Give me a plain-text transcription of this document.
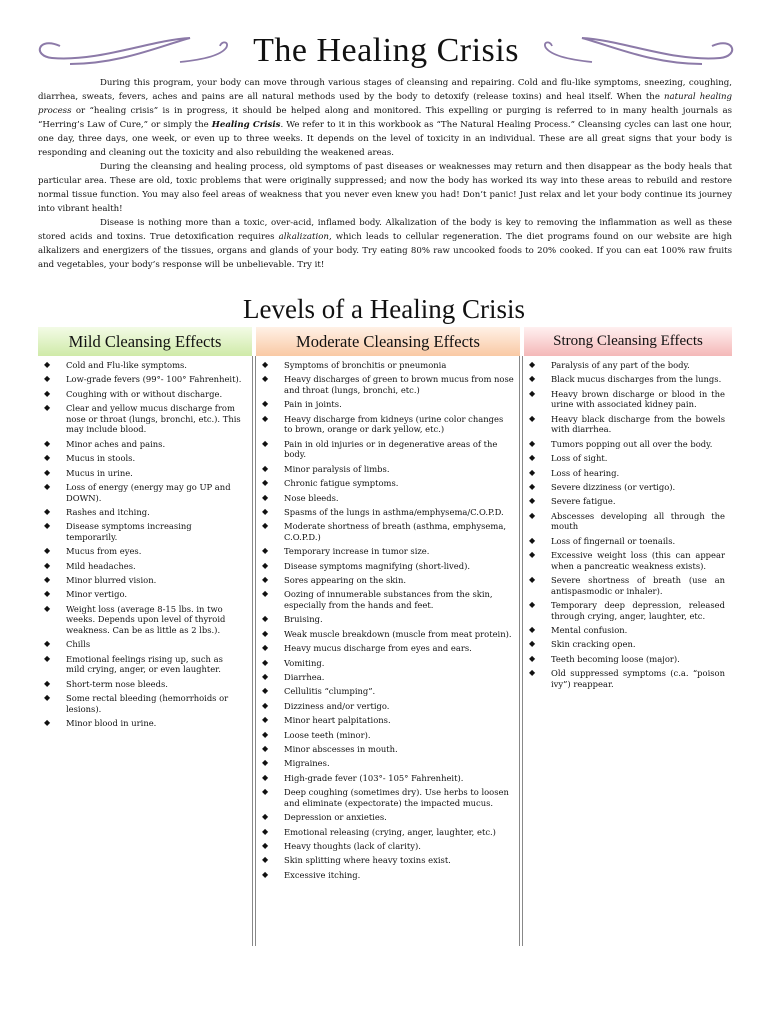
The Healing Crisis

During this program, your body can move through various stages of cleansing and repairing. Cold and flu-like symptoms, sneezing, coughing, diarrhea, sweats, fevers, aches and pains are all natural methods used by the body to detoxify (release toxins) and heal itself. When the natural healing process or “healing crisis” is in progress, it should be helped along and monitored. This expelling or purging is referred to in many health journals as “Herring’s Law of Cure,” or simply the Healing Crisis. We refer to it in this workbook as “The Natural Healing Process.” Cleansing cycles can last one hour, one day, three days, one week, or even up to three weeks. It depends on the level of toxicity in an individual. These are all great signs that your body is responding and cleaning out the toxicity and also rebuilding the weakened areas.

During the cleansing and healing process, old symptoms of past diseases or weaknesses may return and then disappear as the body heals that particular area. These are old, toxic problems that were originally suppressed; and now the body has worked its way into these areas to rebuild and restore normal tissue function. You may also feel areas of weakness that you never even knew you had! Don’t panic! Just relax and let your body continue its journey into vibrant health!

Disease is nothing more than a toxic, over-acid, inflamed body. Alkalization of the body is key to removing the inflammation as well as these stored acids and toxins. True detoxification requires alkalization, which leads to cellular regeneration. The diet programs found on our website are high alkalizers and energizers of the tissues, organs and glands of your body. Try eating 80% raw uncooked foods to 20% cooked. If you can eat 100% raw fruits and vegetables, your body’s response will be unbelievable. Try it!

Levels of a Healing Crisis
Mild Cleansing Effects	Moderate Cleansing Effects	Strong Cleansing Effects
◆ Cold and Flu-like symptoms.
◆ Low-grade fevers (99°- 100° Fahrenheit).
◆ Coughing with or without discharge.
◆ Clear and yellow mucus discharge from nose or throat (lungs, bronchi, etc.). This may include blood.
◆ Minor aches and pains.
◆ Mucus in stools.
◆ Mucus in urine.
◆ Loss of energy (energy may go UP and DOWN).
◆ Rashes and itching.
◆ Disease symptoms increasing temporarily.
◆ Mucus from eyes.
◆ Mild headaches.
◆ Minor blurred vision.
◆ Minor vertigo.
◆ Weight loss (average 8-15 lbs. in two weeks. Depends upon level of thyroid weakness. Can be as little as 2 lbs.).
◆ Chills
◆ Emotional feelings rising up, such as mild crying, anger, or even laughter.
◆ Short-term nose bleeds.
◆ Some rectal bleeding (hemorrhoids or lesions).
◆ Minor blood in urine.
◆ Symptoms of bronchitis or pneumonia
◆ Heavy discharges of green to brown mucus from nose and throat (lungs, bronchi, etc.)
◆ Pain in joints.
◆ Heavy discharge from kidneys (urine color changes to brown, orange or dark yellow, etc.)
◆ Pain in old injuries or in degenerative areas of the body.
◆ Minor paralysis of limbs.
◆ Chronic fatigue symptoms.
◆ Nose bleeds.
◆ Spasms of the lungs in asthma/emphysema/C.O.P.D.
◆ Moderate shortness of breath (asthma, emphysema, C.O.P.D.)
◆ Temporary increase in tumor size.
◆ Disease symptoms magnifying (short-lived).
◆ Sores appearing on the skin.
◆ Oozing of innumerable substances from the skin, especially from the hands and feet.
◆ Bruising.
◆ Weak muscle breakdown (muscle from meat protein).
◆ Heavy mucus discharge from eyes and ears.
◆ Vomiting.
◆ Diarrhea.
◆ Cellulitis “clumping”.
◆ Dizziness and/or vertigo.
◆ Minor heart palpitations.
◆ Loose teeth (minor).
◆ Minor abscesses in mouth.
◆ Migraines.
◆ High-grade fever (103°- 105° Fahrenheit).
◆ Deep coughing (sometimes dry). Use herbs to loosen and eliminate (expectorate) the impacted mucus.
◆ Depression or anxieties.
◆ Emotional releasing (crying, anger, laughter, etc.)
◆ Heavy thoughts (lack of clarity).
◆ Skin splitting where heavy toxins exist.
◆ Excessive itching.
◆ Paralysis of any part of the body.
◆ Black mucus discharges from the lungs.
◆ Heavy brown discharge or blood in the urine with associated kidney pain.
◆ Heavy black discharge from the bowels with diarrhea.
◆ Tumors popping out all over the body.
◆ Loss of sight.
◆ Loss of hearing.
◆ Severe dizziness (or vertigo).
◆ Severe fatigue.
◆ Abscesses developing all through the mouth
◆ Loss of fingernail or toenails.
◆ Excessive weight loss (this can appear when a pancreatic weakness exists).
◆ Severe shortness of breath (use an antispasmodic or inhaler).
◆ Temporary deep depression, released through crying, anger, laughter, etc.
◆ Mental confusion.
◆ Skin cracking open.
◆ Teeth becoming loose (major).
◆ Old suppressed symptoms (c.a. “poison ivy”) reappear.
